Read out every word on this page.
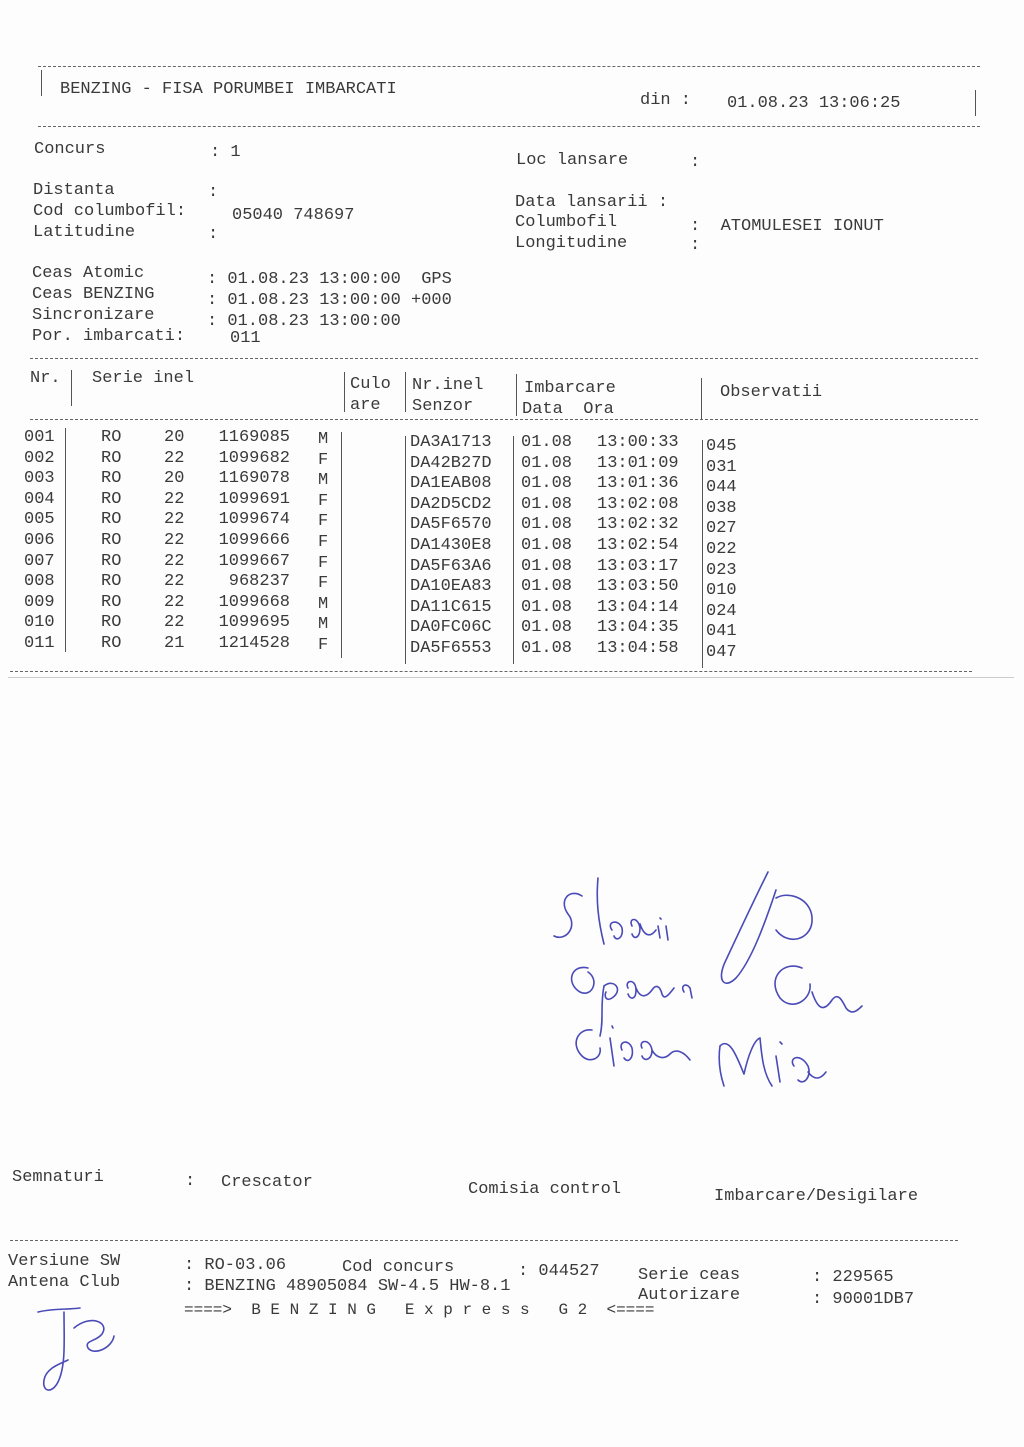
BENZING - FISA PORUMBEI IMBARCATI
din : 01.08.23 13:06:25
Concurs	: 1	Loc lansare	:
Distanta	:
Cod columbofil:	05040 748697
Latitudine	:
Data lansarii :
Columbofil	:  ATOMULESEI IONUT
Longitudine	:
Ceas Atomic	: 01.08.23 13:00:00  GPS
Ceas BENZING	: 01.08.23 13:00:00 +000
Sincronizare	: 01.08.23 13:00:00
Por. imbarcati:	011
Nr. Serie inel	Culo
are
Nr.inel
Senzor
Imbarcare
Data  Ora
Observatii
001	RO	20	1169085 M	DA3A1713 01.08 13:00:33 045
002	RO	22	1099682 F	DA42B27D 01.08 13:01:09 031
003	RO	20	1169078 M	DA1EAB08 01.08 13:01:36 044
004	RO	22	1099691 F	DA2D5CD2 01.08 13:02:08 038
005	RO	22	1099674 F	DA5F6570 01.08 13:02:32 027
006	RO	22	1099666 F	DA1430E8 01.08 13:02:54 022
007	RO	22	1099667 F	DA5F63A6 01.08 13:03:17 023
008	RO	22	968237 F	DA10EA83 01.08 13:03:50 010
009	RO	22	1099668 M	DA11C615 01.08 13:04:14 024
010	RO	22	1099695 M	DA0FC06C 01.08 13:04:35 041
011	RO	21	1214528 F	DA5F6553 01.08 13:04:58 047
Semnaturi	: Crescator	Comisia control	Imbarcare/Desigilare
Versiune SW	: RO-03.06	Cod concurs	: 044527 Serie ceas	: 229565
Antena Club	: BENZING 48905084 SW-4.5 HW-8.1	Autorizare	: 90001DB7
====>  B E N Z I N G   E x p r e s s   G 2  <====
